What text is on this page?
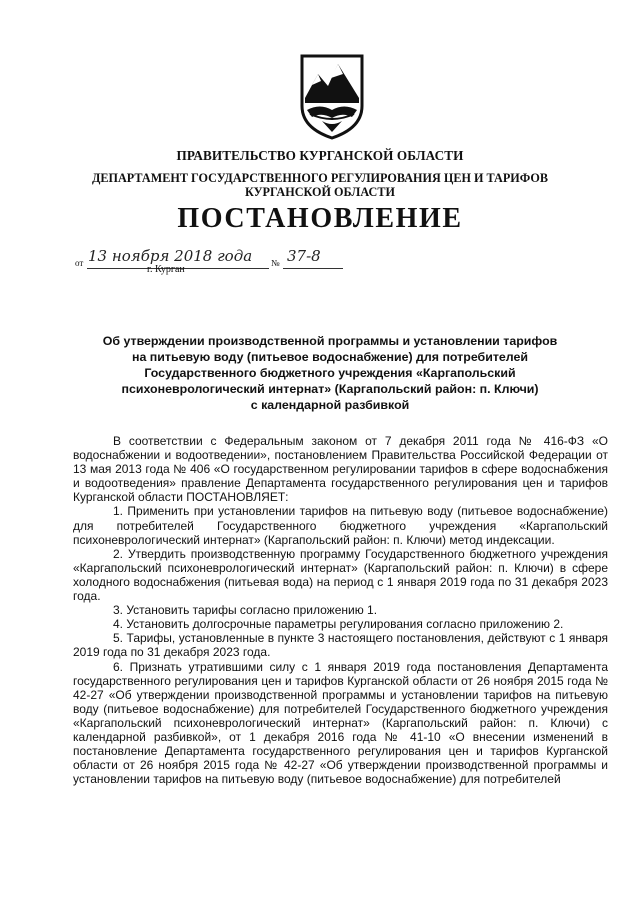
ПРАВИТЕЛЬСТВО КУРГАНСКОЙ ОБЛАСТИ
ДЕПАРТАМЕНТ ГОСУДАРСТВЕННОГО РЕГУЛИРОВАНИЯ ЦЕН И ТАРИФОВ
КУРГАНСКОЙ ОБЛАСТИ
ПОСТАНОВЛЕНИЕ
от 13 ноября 2018 года № 37-8
г. Курган
Об утверждении производственной программы и установлении тарифов
на питьевую воду (питьевое водоснабжение) для потребителей
Государственного бюджетного учреждения «Каргапольский
психоневрологический интернат» (Каргапольский район: п. Ключи)
с календарной разбивкой

В соответствии с Федеральным законом от 7 декабря 2011 года № 416-ФЗ «О водоснабжении и водоотведении», постановлением Правительства Российской Федерации от 13 мая 2013 года № 406 «О государственном регулировании тарифов в сфере водоснабжения и водоотведения» правление Департамента государственного регулирования цен и тарифов Курганской области ПОСТАНОВЛЯЕТ:

1. Применить при установлении тарифов на питьевую воду (питьевое водоснабжение) для потребителей Государственного бюджетного учреждения «Каргапольский психоневрологический интернат» (Каргапольский район: п. Ключи) метод индексации.

2. Утвердить производственную программу Государственного бюджетного учреждения «Каргапольский психоневрологический интернат» (Каргапольский район: п. Ключи) в сфере холодного водоснабжения (питьевая вода) на период с 1 января 2019 года по 31 декабря 2023 года.

3. Установить тарифы согласно приложению 1.

4. Установить долгосрочные параметры регулирования согласно приложению 2.

5. Тарифы, установленные в пункте 3 настоящего постановления, действуют с 1 января 2019 года по 31 декабря 2023 года.

6. Признать утратившими силу с 1 января 2019 года постановления Департамента государственного регулирования цен и тарифов Курганской области от 26 ноября 2015 года № 42-27 «Об утверждении производственной программы и установлении тарифов на питьевую воду (питьевое водоснабжение) для потребителей Государственного бюджетного учреждения «Каргапольский психоневрологический интернат» (Каргапольский район: п. Ключи) с календарной разбивкой», от 1 декабря 2016 года № 41-10 «О внесении изменений в постановление Департамента государственного регулирования цен и тарифов Курганской области от 26 ноября 2015 года № 42-27 «Об утверждении производственной программы и установлении тарифов на питьевую воду (питьевое водоснабжение) для потребителей
